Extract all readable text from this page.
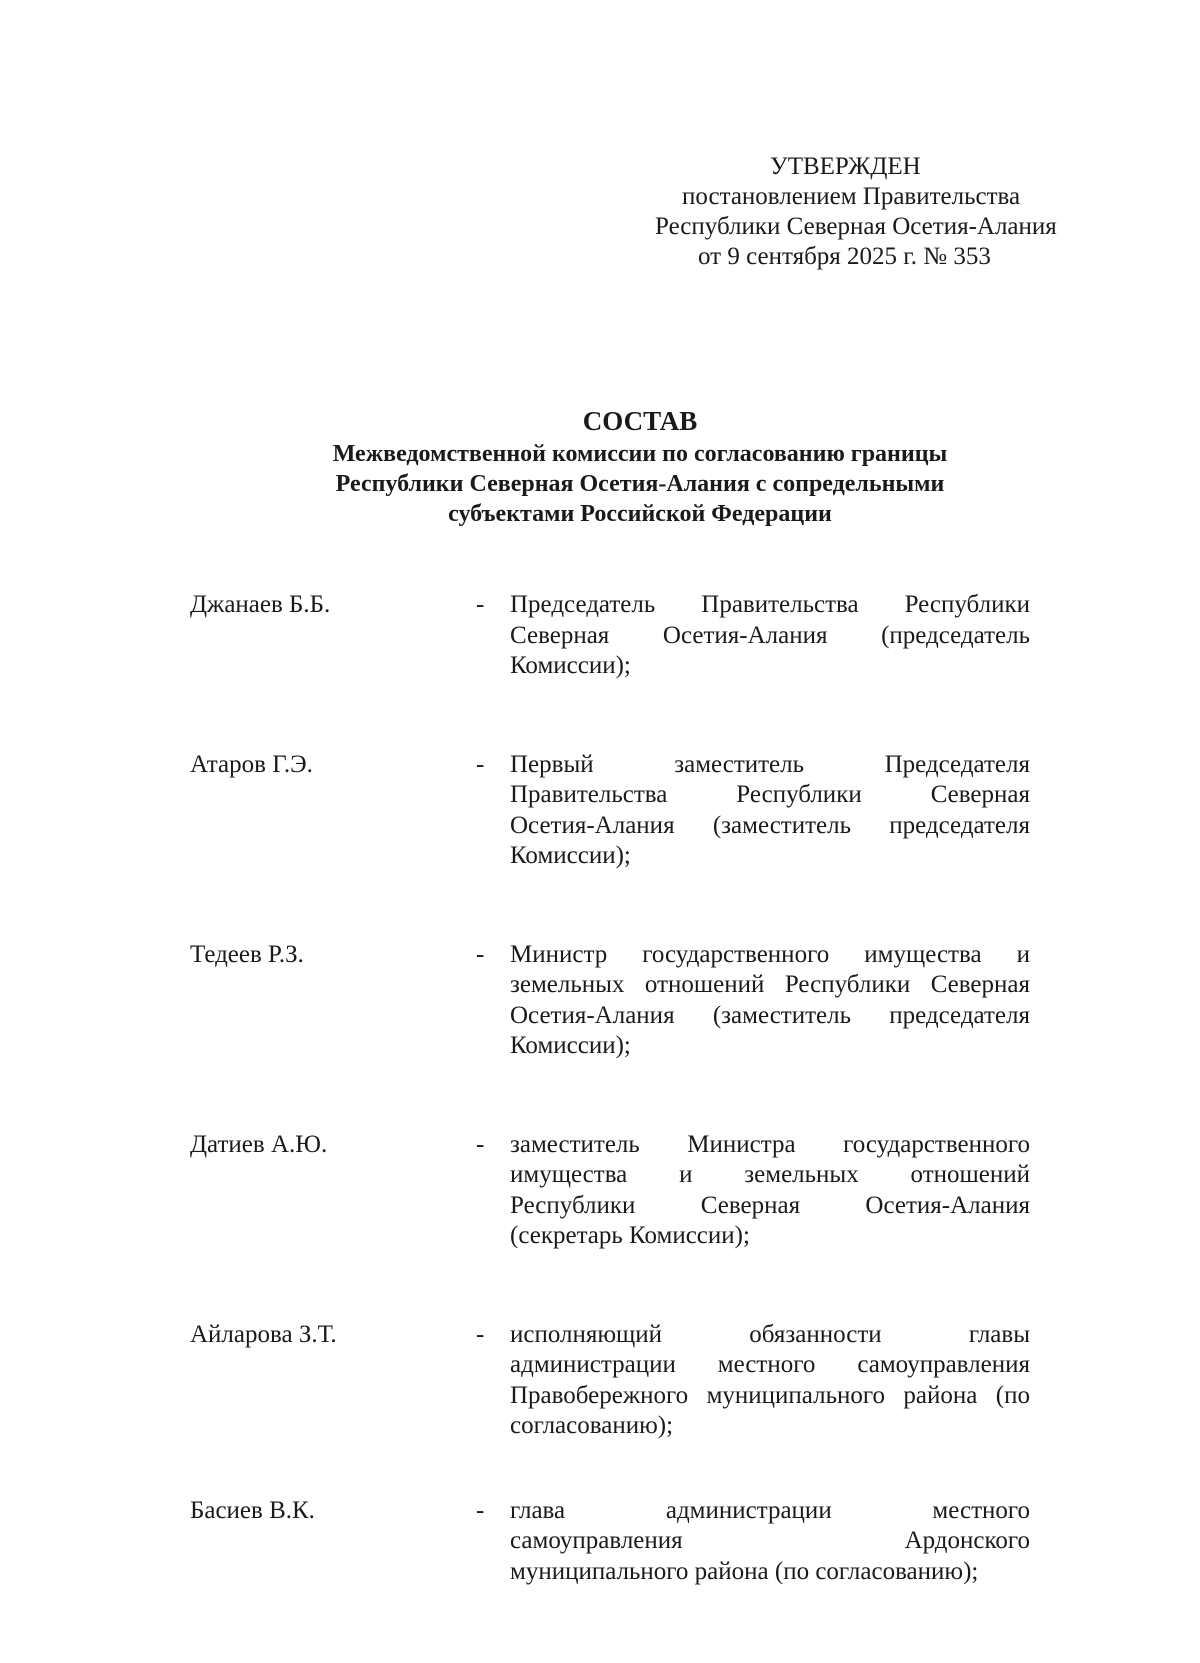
УТВЕРЖДЕН
постановлением Правительства
Республики Северная Осетия-Алания
от 9 сентября 2025 г. № 353
СОСТАВ
Межведомственной комиссии по согласованию границы
Республики Северная Осетия-Алания с сопредельными
субъектами Российской Федерации
Джанаев Б.Б.	- Председатель Правительства Республики
Северная Осетия-Алания (председатель
Комиссии);
Атаров Г.Э.	- Первый заместитель Председателя
Правительства Республики Северная
Осетия-Алания (заместитель председателя
Комиссии);
Тедеев Р.З.	- Министр государственного имущества и
земельных отношений Республики Северная
Осетия-Алания (заместитель председателя
Комиссии);
Датиев А.Ю.	- заместитель Министра государственного
имущества и земельных отношений
Республики Северная Осетия-Алания
(секретарь Комиссии);
Айларова З.Т.	- исполняющий обязанности главы
администрации местного самоуправления
Правобережного муниципального района (по
согласованию);
Басиев В.К.	- глава администрации местного
самоуправления Ардонского
муниципального района (по согласованию);
